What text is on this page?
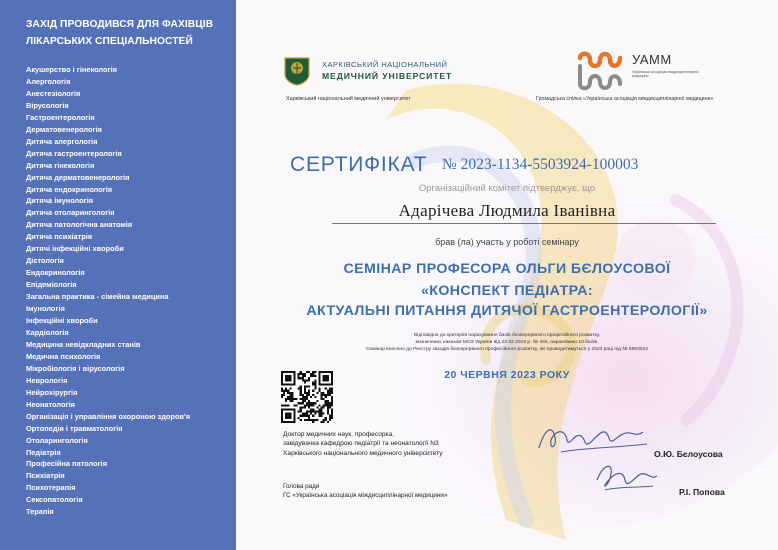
ЗАХІД ПРОВОДИВСЯ ДЛЯ ФАХІВЦІВ
ЛІКАРСЬКИХ СПЕЦІАЛЬНОСТЕЙ
Акушерство і гінекологія
Алергологія
Анестезіологія
Вірусологія
Гастроентерологія
Дерматовенерологія
Дитяча алергологія
Дитяча гастроентерологія
Дитяча гінекологія
Дитяча дерматовенерологія
Дитяча ендокринологія
Дитяча імунологія
Дитяча отоларингологія
Дитяча патологічна анатомія
Дитяча психіатрія
Дитячі інфекційні хвороби
Дієтологія
Ендокринологія
Епідеміологія
Загальна практика - сімейна медицина
Імунологія
Інфекційні хвороби
Кардіологія
Медицина невідкладних станів
Медична психологія
Мікробіологія і вірусологія
Неврологія
Нейрохірургія
Неонатологія
Організація і управління охороною здоров'я
Ортопедія і травматологія
Отоларингологія
Педіатрія
Професійна патологія
Психіатрія
Психотерапія
Сексопатологія
Терапія
ХАРКІВСЬКИЙ НАЦІОНАЛЬНИЙ
МЕДИЧНИЙ УНІВЕРСИТЕТ
Харківський національний медичний університет
УАММ
Українська асоціація міждисциплінарної медицини
Громадська спілка «Українська асоціація міждисциплінарної медицини»
СЕРТИФІКАТ № 2023-1134-5503924-100003
Організаційний комітет підтверджує, що
Адарічева Людмила Іванівна
брав (ла) участь у роботі семінару
СЕМІНАР ПРОФЕСОРА ОЛЬГИ БЄЛОУСОВОЇ
«КОНСПЕКТ ПЕДІАТРА:
АКТУАЛЬНІ ПИТАННЯ ДИТЯЧОЇ ГАСТРОЕНТЕРОЛОГІЇ»
Відповідно до критеріїв нарахування балів безперервного професійного розвитку,
визначених наказом МОЗ України від 22.02.2019 р. № 446, нараховано 10 балів.
Семінар внесено до Реєстру заходів безперервного професійного розвитку, які проводитимуться у 2023 році під № 5503924
20 ЧЕРВНЯ 2023 РОКУ
Доктор медичних наук, професорка,
завідувачка кафедрою педіатрії та неонатології N3
Харківського національного медичного університету
Голова ради
ГС «Українська асоціація міждисциплінарної медицини»
О.Ю. Бєлоусова
Р.І. Попова
